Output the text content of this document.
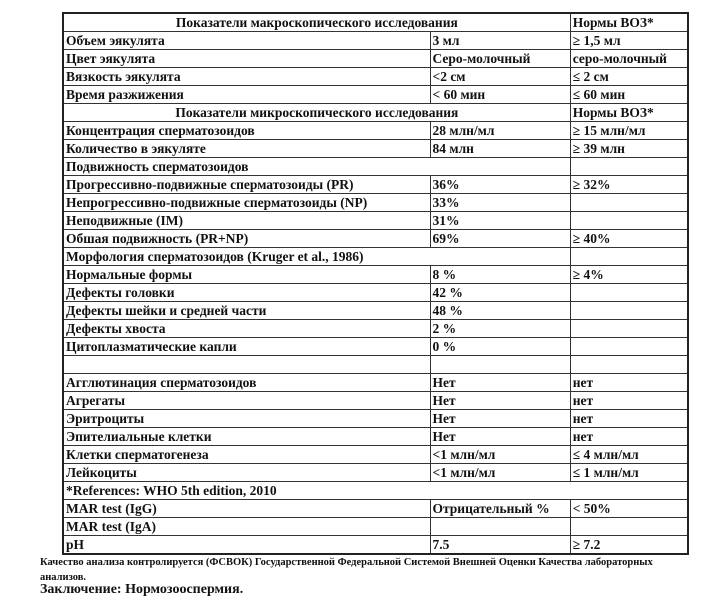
Показатели макроскопического исследования		Нормы ВОЗ*
Объем эякулята	3 мл	≥ 1,5 мл
Цвет эякулята	Серо-молочный	серо-молочный
Вязкость эякулята	<2 см	≤ 2 см
Время разжижения	< 60 мин	≤ 60 мин
Показатели микроскопического исследования		Нормы ВОЗ*
Концентрация сперматозоидов	28 млн/мл	≥ 15 млн/мл
Количество в эякуляте	84 млн	≥ 39 млн
Подвижность сперматозоидов		
Прогрессивно-подвижные сперматозоиды (PR)	36%	≥ 32%
Непрогрессивно-подвижные сперматозоиды (NP)	33%	
Неподвижные (IM)	31%	
Обшая подвижность (PR+NP)	69%	≥ 40%
Морфология сперматозоидов (Kruger et al., 1986)		
Нормальные формы	8 %	≥ 4%
Дефекты головки	42 %	
Дефекты шейки и средней части	48 %	
Дефекты хвоста	2 %	
Цитоплазматические капли	0 %	

Агглютинация сперматозоидов	Нет	нет
Агрегаты	Нет	нет
Эритроциты	Нет	нет
Эпителиальные клетки	Нет	нет
Клетки сперматогенеза	<1 млн/мл	≤ 4 млн/мл
Лейкоциты	<1 млн/мл	≤ 1 млн/мл
*References: WHO 5th edition, 2010		
MAR test (IgG)	Отрицательный %	< 50%
MAR test (IgA)		
pH	7.5	≥ 7.2
Качество анализа контролируется (ФСВОК) Государственной Федеральной Системой Внешней Оценки Качества лабораторных анализов.
Заключение: Нормозооспермия.
